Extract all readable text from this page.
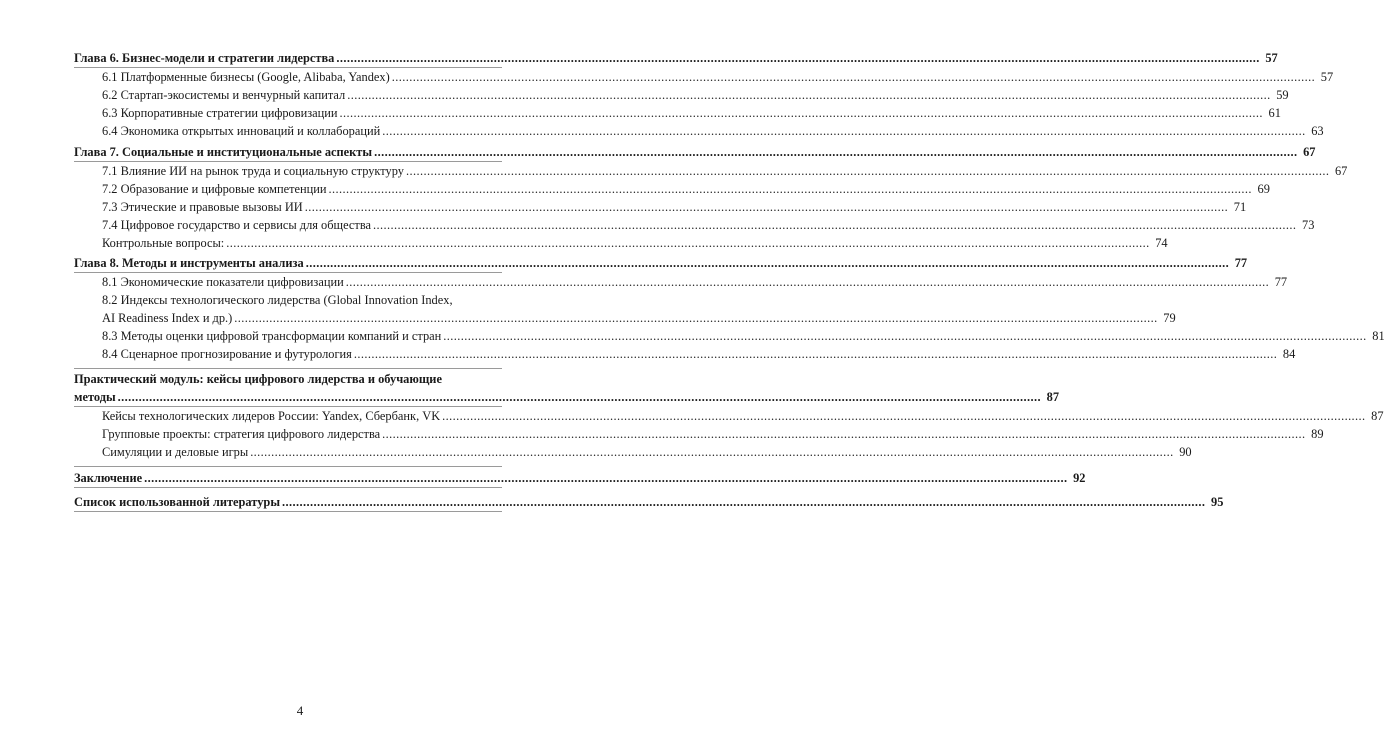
Глава 6. Бизнес-модели и стратегии лидерства .....	57
6.1 Платформенные бизнесы (Google, Alibaba, Yandex) .....	57
6.2 Стартап-экосистемы и венчурный капитал .....	59
6.3 Корпоративные стратегии цифровизации .....	61
6.4 Экономика открытых инноваций и коллабораций .....	63
Глава 7. Социальные и институциональные аспекты .....	67
7.1 Влияние ИИ на рынок труда и социальную структуру .....	67
7.2 Образование и цифровые компетенции .....	69
7.3 Этические и правовые вызовы ИИ .....	71
7.4 Цифровое государство и сервисы для общества .....	73
Контрольные вопросы: .....	74
Глава 8. Методы и инструменты анализа .....	77
8.1 Экономические показатели цифровизации .....	77
8.2 Индексы технологического лидерства (Global Innovation Index,
AI Readiness Index и др.) .....	79
8.3 Методы оценки цифровой трансформации компаний и стран .....	81
8.4 Сценарное прогнозирование и футурология .....	84
Практический модуль: кейсы цифрового лидерства и обучающие
методы .....	87
Кейсы технологических лидеров России: Yandex, Сбербанк, VK .....	87
Групповые проекты: стратегия цифрового лидерства .....	89
Симуляции и деловые игры .....	90
Заключение .....	92
Список использованной литературы .....	95
4
